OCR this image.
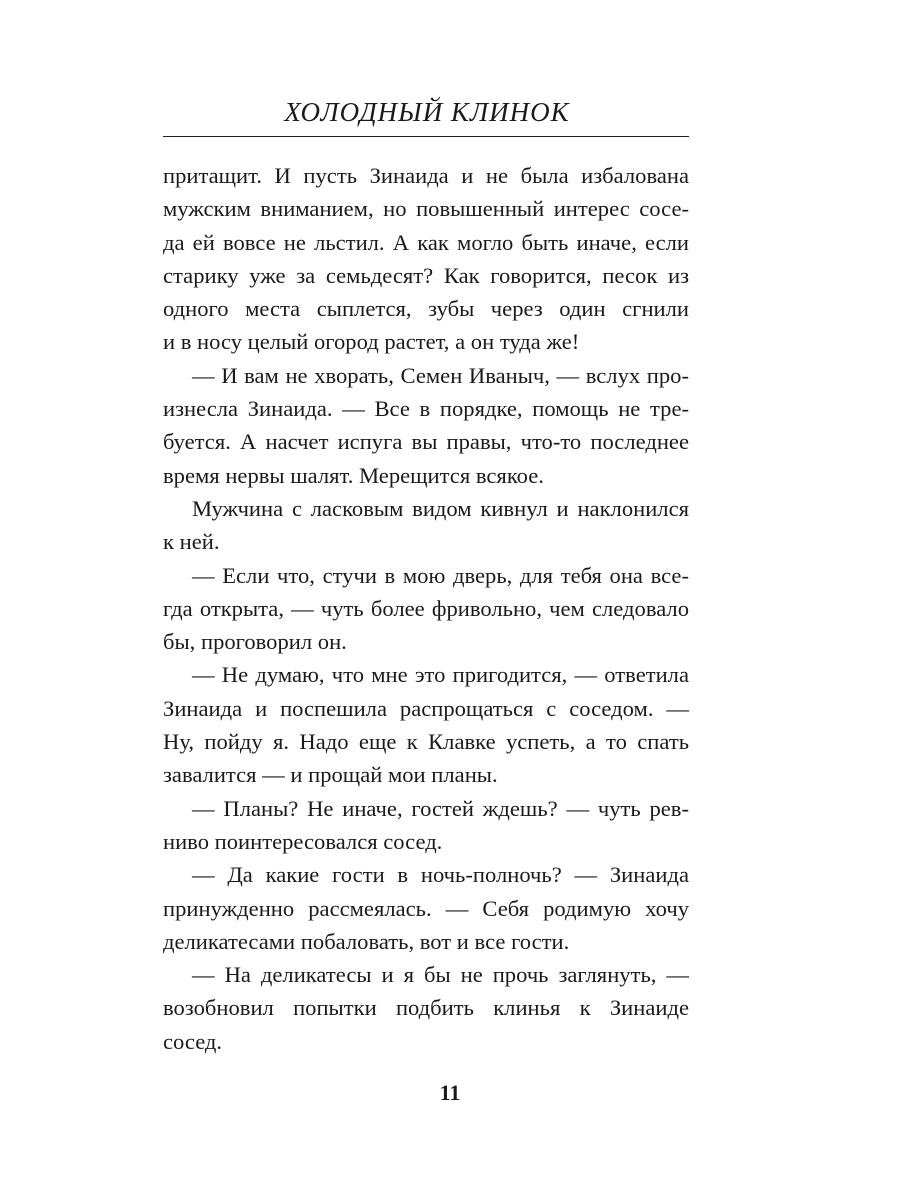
ХОЛОДНЫЙ КЛИНОК
притащит. И пусть Зинаида и не была избалована
мужским вниманием, но повышенный интерес сосе-
да ей вовсе не льстил. А как могло быть иначе, если
старику уже за семьдесят? Как говорится, песок из
одного места сыплется, зубы через один сгнили
и в носу целый огород растет, а он туда же!
— И вам не хворать, Семен Иваныч, — вслух про-
изнесла Зинаида. — Все в порядке, помощь не тре-
буется. А насчет испуга вы правы, что-то последнее
время нервы шалят. Мерещится всякое.
Мужчина с ласковым видом кивнул и наклонился
к ней.
— Если что, стучи в мою дверь, для тебя она все-
гда открыта, — чуть более фривольно, чем следовало
бы, проговорил он.
— Не думаю, что мне это пригодится, — ответила
Зинаида и поспешила распрощаться с соседом. —
Ну, пойду я. Надо еще к Клавке успеть, а то спать
завалится — и прощай мои планы.
— Планы? Не иначе, гостей ждешь? — чуть рев-
ниво поинтересовался сосед.
— Да какие гости в ночь-полночь? — Зинаида
принужденно рассмеялась. — Себя родимую хочу
деликатесами побаловать, вот и все гости.
— На деликатесы и я бы не прочь заглянуть, —
возобновил попытки подбить клинья к Зинаиде
сосед.
11
